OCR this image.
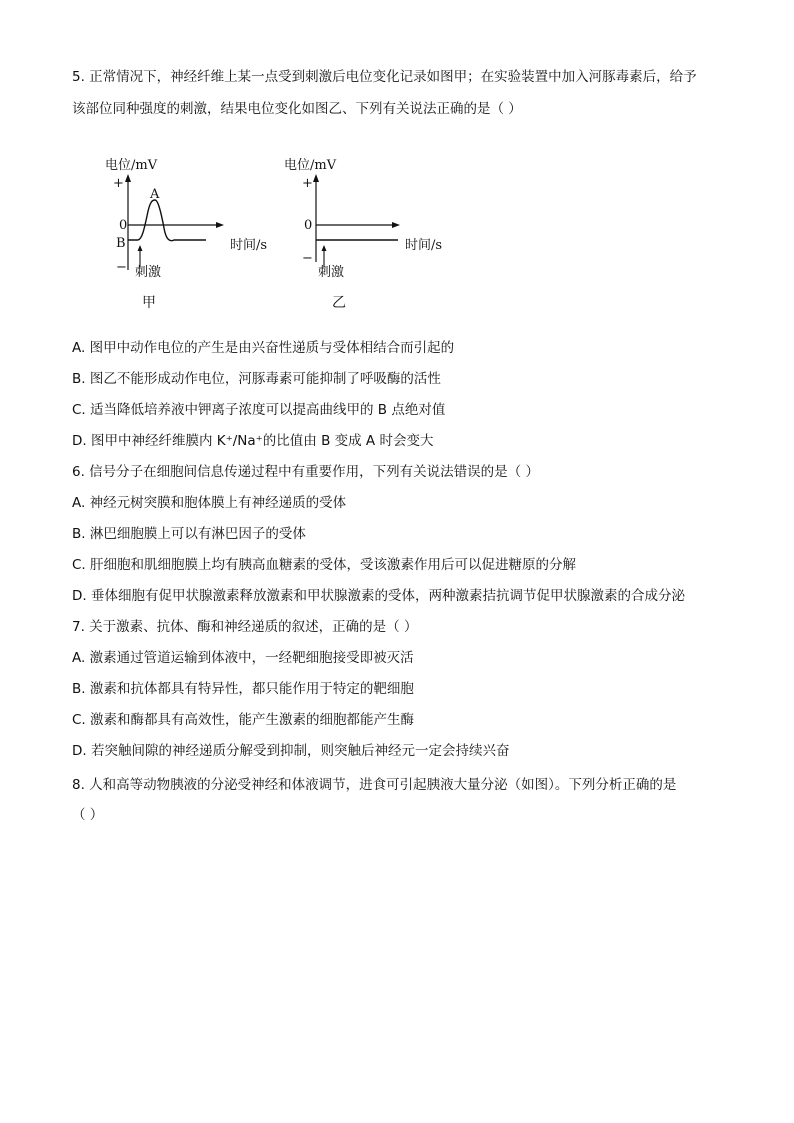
5. 正常情况下，神经纤维上某一点受到刺激后电位变化记录如图甲；在实验装置中加入河豚毒素后，给予
该部位同种强度的刺激，结果电位变化如图乙、下列有关说法正确的是（ ）
电位/mV
+
0
−
A
B	时间/s
刺激
甲
电位/mV
+
0
−
时间/s
刺激
乙
A. 图甲中动作电位的产生是由兴奋性递质与受体相结合而引起的
B. 图乙不能形成动作电位，河豚毒素可能抑制了呼吸酶的活性
C. 适当降低培养液中钾离子浓度可以提高曲线甲的 B 点绝对值
D. 图甲中神经纤维膜内 K⁺/Na⁺的比值由 B 变成 A 时会变大
6. 信号分子在细胞间信息传递过程中有重要作用，下列有关说法错误的是（ ）
A. 神经元树突膜和胞体膜上有神经递质的受体
B. 淋巴细胞膜上可以有淋巴因子的受体
C. 肝细胞和肌细胞膜上均有胰高血糖素的受体，受该激素作用后可以促进糖原的分解
D. 垂体细胞有促甲状腺激素释放激素和甲状腺激素的受体，两种激素拮抗调节促甲状腺激素的合成分泌
7. 关于激素、抗体、酶和神经递质的叙述，正确的是（ ）
A. 激素通过管道运输到体液中，一经靶细胞接受即被灭活
B. 激素和抗体都具有特异性，都只能作用于特定的靶细胞
C. 激素和酶都具有高效性，能产生激素的细胞都能产生酶
D. 若突触间隙的神经递质分解受到抑制，则突触后神经元一定会持续兴奋
8. 人和高等动物胰液的分泌受神经和体液调节，进食可引起胰液大量分泌（如图）。下列分析正确的是
（ ）
